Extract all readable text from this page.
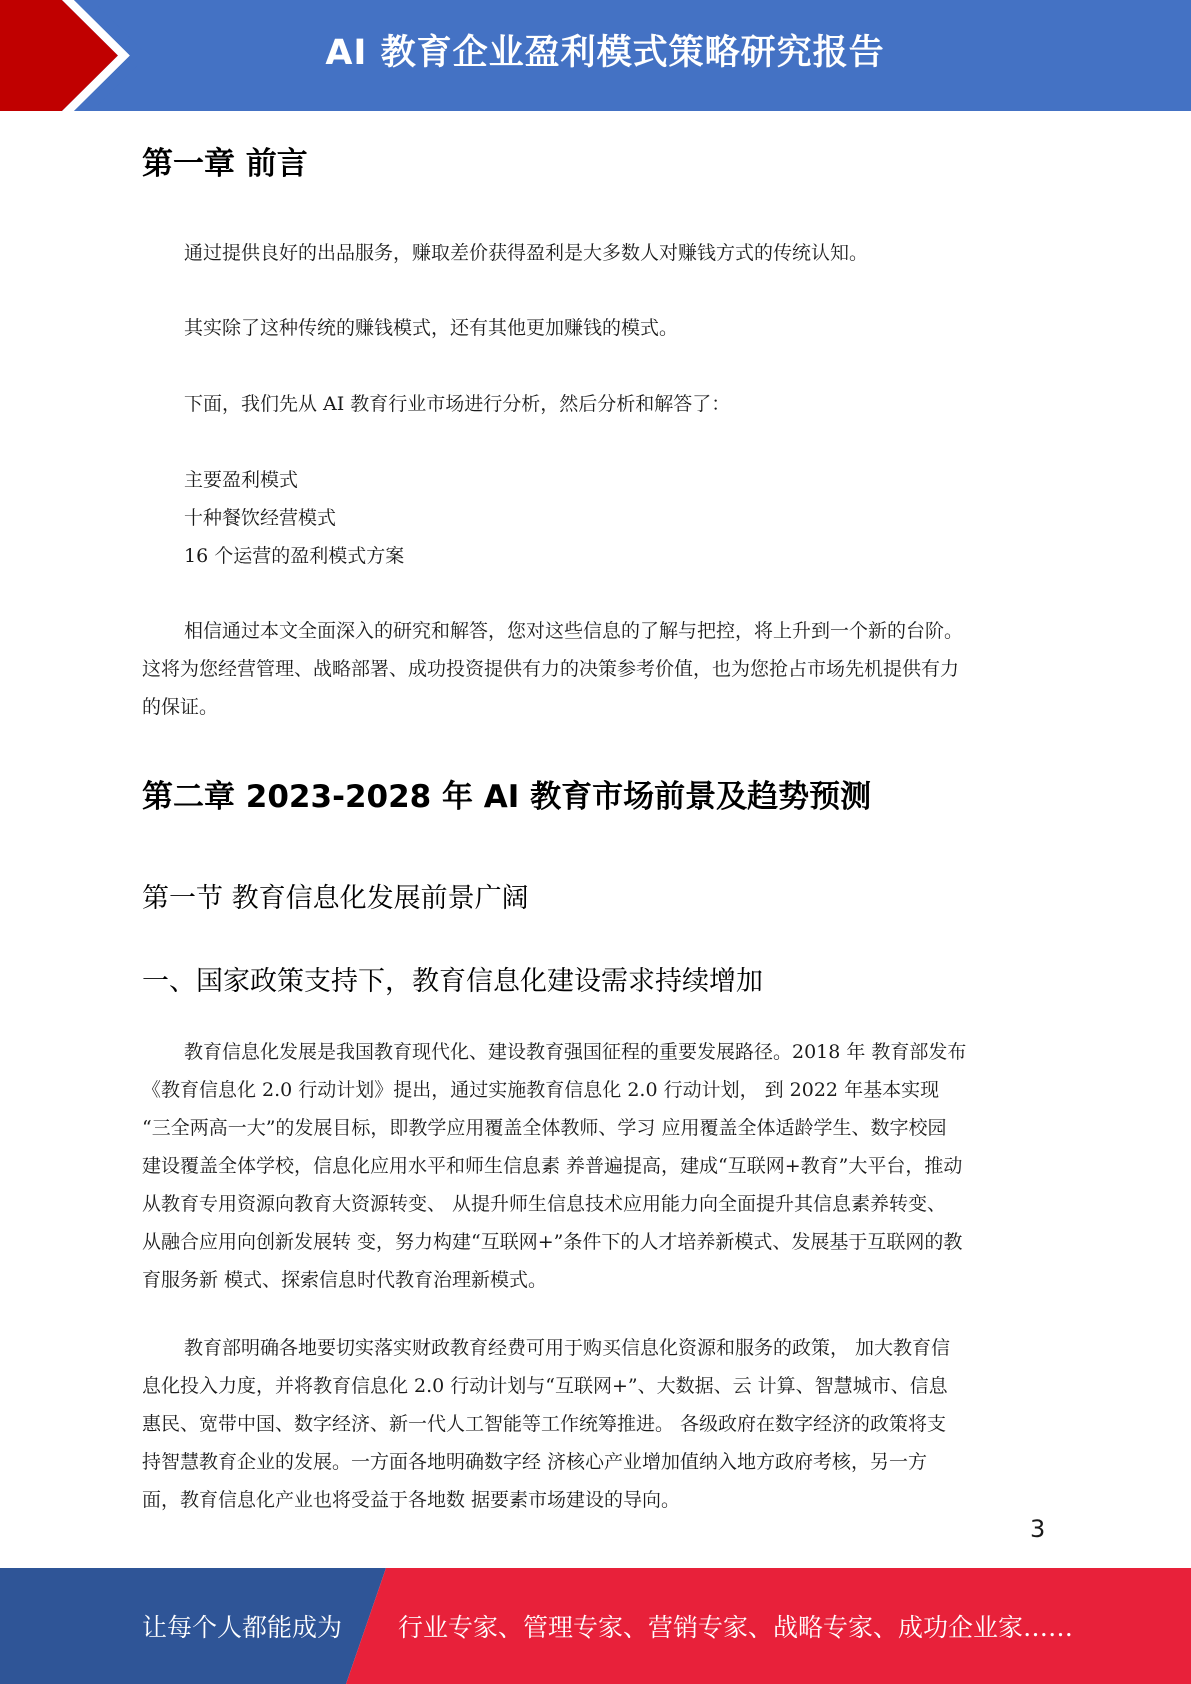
AI 教育企业盈利模式策略研究报告
第一章 前言

通过提供良好的出品服务，赚取差价获得盈利是大多数人对赚钱方式的传统认知。

其实除了这种传统的赚钱模式，还有其他更加赚钱的模式。

下面，我们先从 AI 教育行业市场进行分析，然后分析和解答了：

主要盈利模式
十种餐饮经营模式
16 个运营的盈利模式方案

相信通过本文全面深入的研究和解答，您对这些信息的了解与把控，将上升到一个新的台阶。
这将为您经营管理、战略部署、成功投资提供有力的决策参考价值，也为您抢占市场先机提供有力
的保证。

第二章 2023-2028 年 AI 教育市场前景及趋势预测
第一节 教育信息化发展前景广阔
一、国家政策支持下，教育信息化建设需求持续增加

教育信息化发展是我国教育现代化、建设教育强国征程的重要发展路径。2018 年 教育部发布
《教育信息化 2.0 行动计划》提出，通过实施教育信息化 2.0 行动计划， 到 2022 年基本实现
“三全两高一大”的发展目标，即教学应用覆盖全体教师、学习 应用覆盖全体适龄学生、数字校园
建设覆盖全体学校，信息化应用水平和师生信息素 养普遍提高，建成“互联网+教育”大平台，推动
从教育专用资源向教育大资源转变、 从提升师生信息技术应用能力向全面提升其信息素养转变、
从融合应用向创新发展转 变，努力构建“互联网+”条件下的人才培养新模式、发展基于互联网的教
育服务新 模式、探索信息时代教育治理新模式。

教育部明确各地要切实落实财政教育经费可用于购买信息化资源和服务的政策， 加大教育信
息化投入力度，并将教育信息化 2.0 行动计划与“互联网+”、大数据、云 计算、智慧城市、信息
惠民、宽带中国、数字经济、新一代人工智能等工作统筹推进。 各级政府在数字经济的政策将支
持智慧教育企业的发展。一方面各地明确数字经 济核心产业增加值纳入地方政府考核，另一方
面，教育信息化产业也将受益于各地数 据要素市场建设的导向。

3
让每个人都能成为 行业专家、管理专家、营销专家、战略专家、成功企业家……
